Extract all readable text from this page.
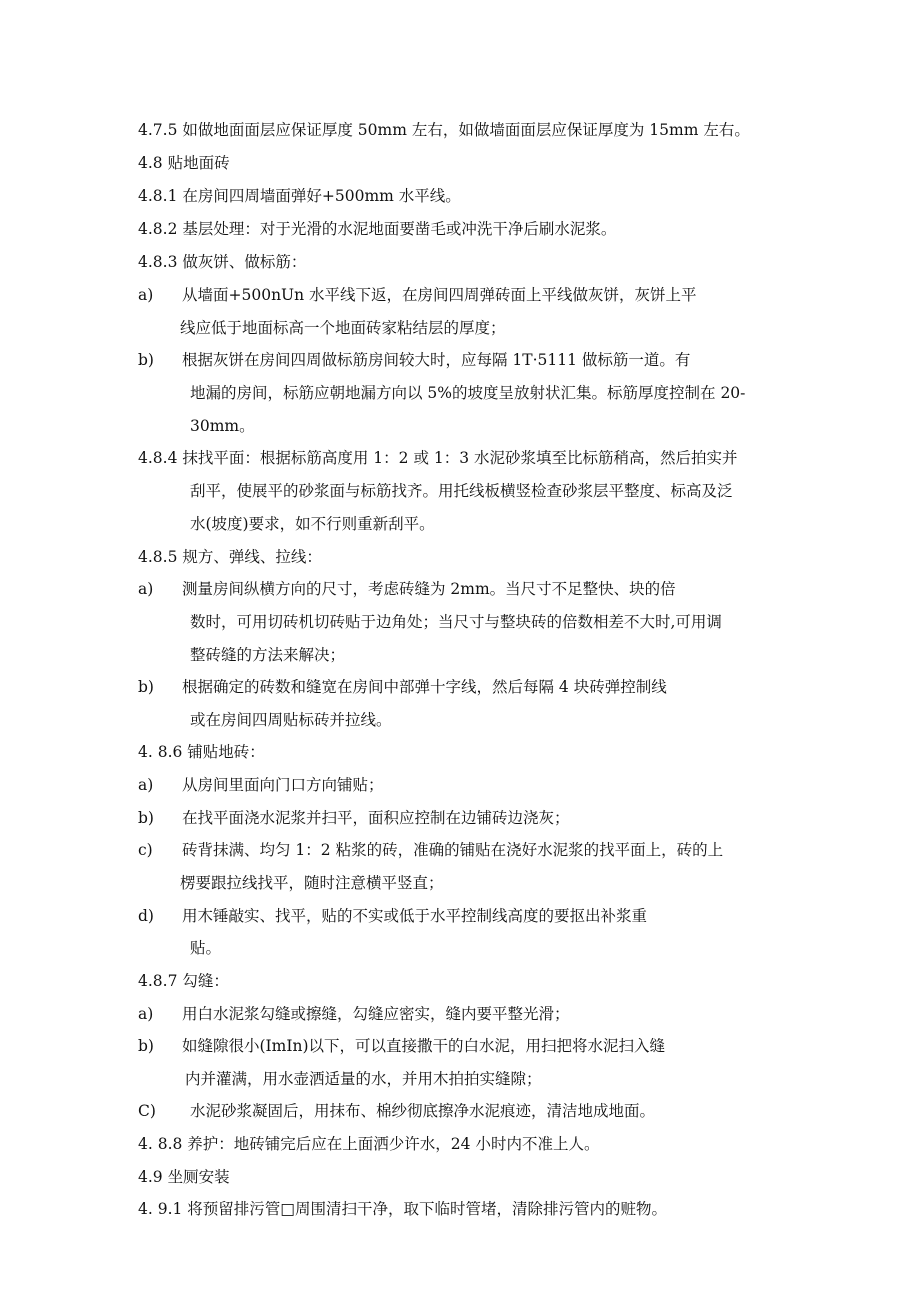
4.7.5 如做地面面层应保证厚度 50mm 左右，如做墙面面层应保证厚度为 15mm 左右。
4.8 贴地面砖
4.8.1 在房间四周墙面弹好+500mm 水平线。
4.8.2 基层处理：对于光滑的水泥地面要凿毛或冲洗干净后刷水泥浆。
4.8.3 做灰饼、做标筋：
a) 从墙面+500nUn 水平线下返，在房间四周弹砖面上平线做灰饼，灰饼上平
线应低于地面标高一个地面砖家粘结层的厚度；
b) 根据灰饼在房间四周做标筋房间较大时，应每隔 1T·5111 做标筋一道。有
地漏的房间，标筋应朝地漏方向以 5%的坡度呈放射状汇集。标筋厚度控制在 20-
30mm。
4.8.4 抹找平面：根据标筋高度用 1：2 或 1：3 水泥砂浆填至比标筋稍高，然后拍实并
刮平，使展平的砂浆面与标筋找齐。用托线板横竖检查砂浆层平整度、标高及泛
水(坡度)要求，如不行则重新刮平。
4.8.5 规方、弹线、拉线：
a) 测量房间纵横方向的尺寸，考虑砖缝为 2mm。当尺寸不足整快、块的倍
数时，可用切砖机切砖贴于边角处；当尺寸与整块砖的倍数相差不大时,可用调
整砖缝的方法来解决；
b) 根据确定的砖数和缝宽在房间中部弹十字线，然后每隔 4 块砖弹控制线
或在房间四周贴标砖并拉线。
4. 8.6 铺贴地砖：
a) 从房间里面向门口方向铺贴；
b) 在找平面浇水泥浆并扫平，面积应控制在边铺砖边浇灰；
c) 砖背抹满、均匀 1：2 粘浆的砖，准确的铺贴在浇好水泥浆的找平面上，砖的上
楞要跟拉线找平，随时注意横平竖直；
d) 用木锤敲实、找平，贴的不实或低于水平控制线高度的要抠出补浆重
贴。
4.8.7 勾缝：
a) 用白水泥浆勾缝或擦缝，勾缝应密实，缝内要平整光滑；
b) 如缝隙很小(ImIn)以下，可以直接撒干的白水泥，用扫把将水泥扫入缝
内并灌满，用水壶洒适量的水，并用木拍拍实缝隙；
C) 水泥砂浆凝固后，用抹布、棉纱彻底擦净水泥痕迹，清洁地成地面。
4. 8.8 养护：地砖铺完后应在上面洒少许水，24 小时内不准上人。
4.9 坐厕安装
4. 9.1 将预留排污管□周围清扫干净，取下临时管堵，清除排污管内的赃物。
